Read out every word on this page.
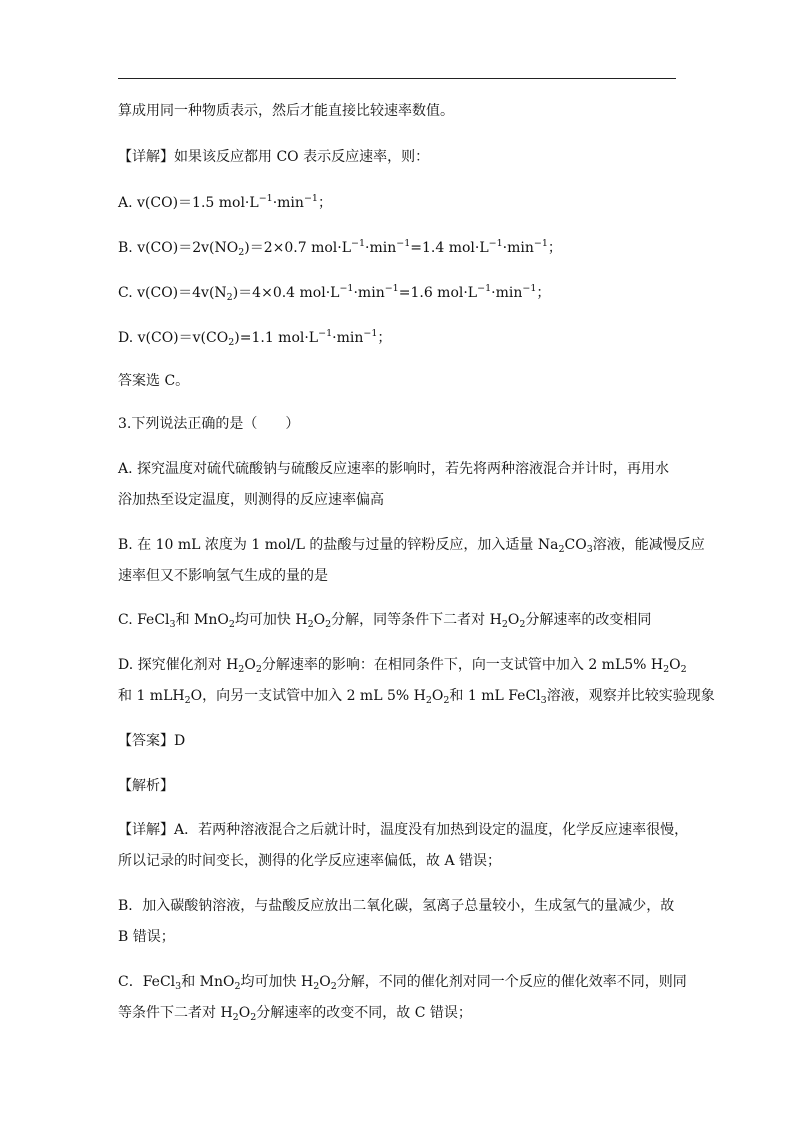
算成用同一种物质表示，然后才能直接比较速率数值。
【详解】如果该反应都用 CO 表示反应速率，则：
A. v(CO)＝1.5 $mol\cdot L^{-1}\cdot\min^{-1}$；
B. $v(CO)=2v(NO_2)=2\times 0.7$ $mol\cdot L^{-1}\cdot\min^{-1}=1.4$ $mol\cdot L^{-1}\cdot\min^{-1}$；
C. $v(CO)=4v(N_2)=4\times 0.4$ $mol\cdot L^{-1}\cdot\min^{-1}=1.6$ $mol\cdot L^{-1}\cdot\min^{-1}$；
D. $v(CO)=v(CO_2)=1.1$ $mol\cdot L^{-1}\cdot\min^{-1}$；
答案选 C。
3.下列说法正确的是（　　）
A. 探究温度对硫代硫酸钠与硫酸反应速率的影响时，若先将两种溶液混合并计时，再用水
浴加热至设定温度，则测得的反应速率偏高
B. 在 10 mL 浓度为 1 mol/L 的盐酸与过量的锌粉反应，加入适量 $Na_2CO_3$溶液，能减慢反应
速率但又不影响氢气生成的量的是
C. FeCl$_3$和 MnO$_2$均可加快 $H_2O_2$分解，同等条件下二者对 $H_2O_2$分解速率的改变相同
D. 探究催化剂对 $H_2O_2$分解速率的影响：在相同条件下，向一支试管中加入 2 mL5% $H_2O_2$
和 1 mLH$_2$O，向另一支试管中加入 2 mL 5% $H_2O_2$和 1 mL FeCl$_3$溶液，观察并比较实验现象
【答案】D
【解析】
【详解】A．若两种溶液混合之后就计时，温度没有加热到设定的温度，化学反应速率很慢，
所以记录的时间变长，测得的化学反应速率偏低，故 A 错误；
B．加入碳酸钠溶液，与盐酸反应放出二氧化碳，氢离子总量较小，生成氢气的量减少，故
B 错误；
C．FeCl$_3$和 MnO$_2$均可加快 $H_2O_2$分解，不同的催化剂对同一个反应的催化效率不同，则同
等条件下二者对 $H_2O_2$分解速率的改变不同，故 C 错误；
